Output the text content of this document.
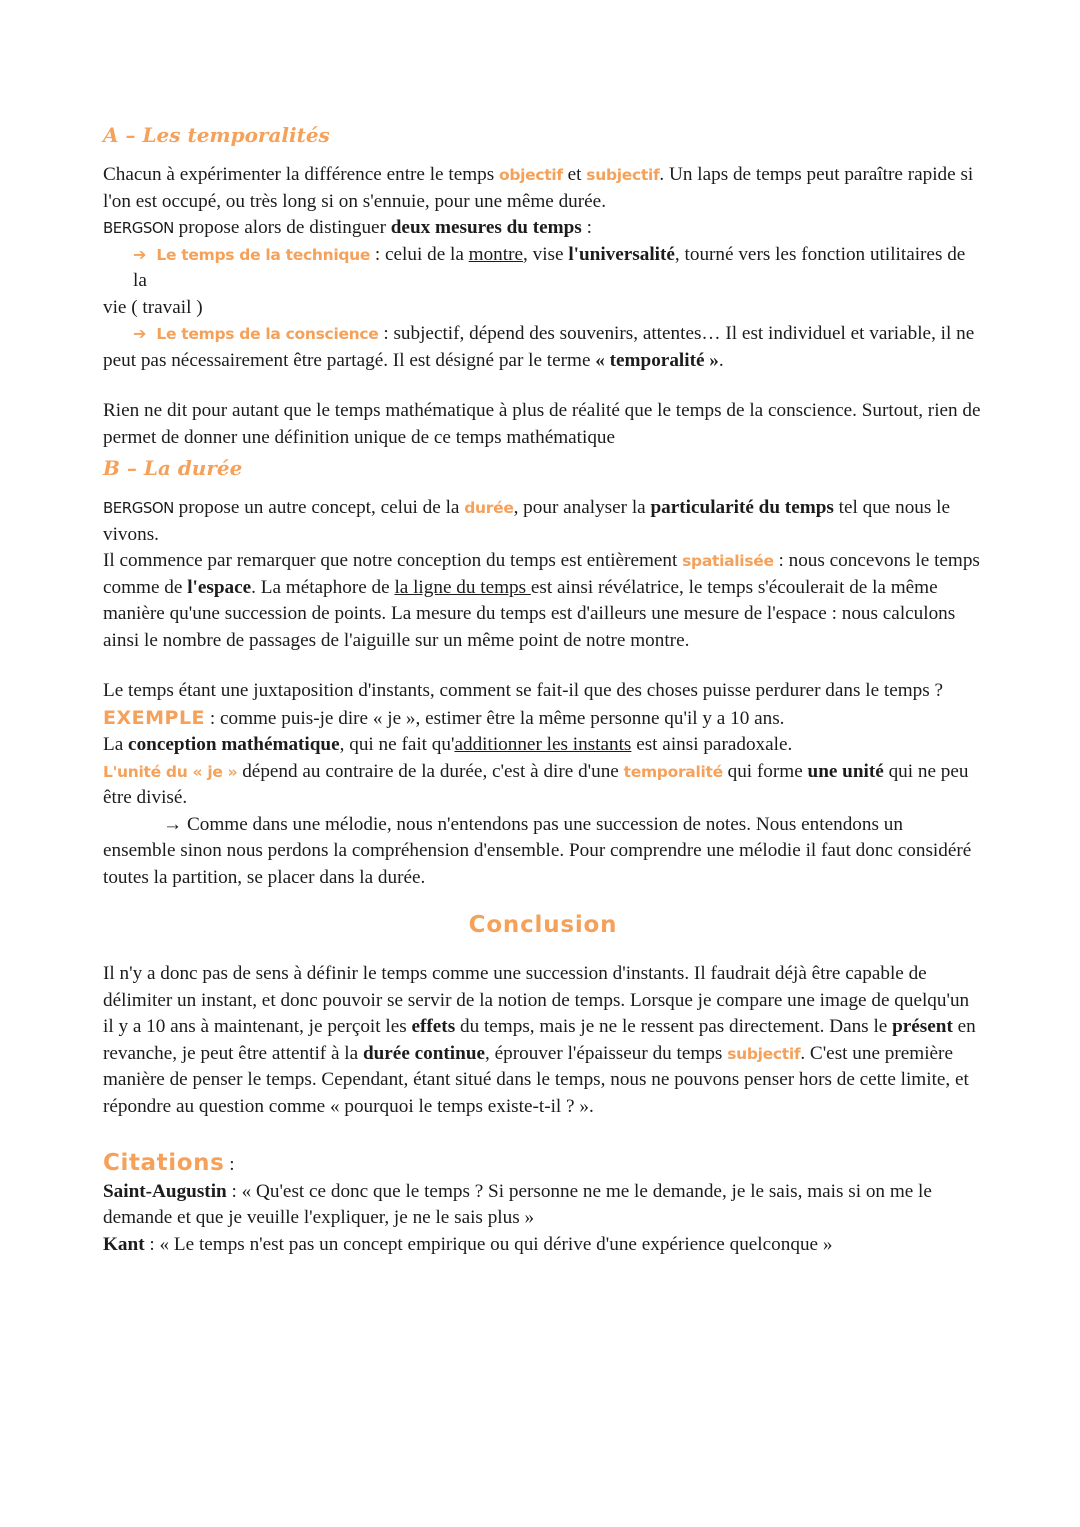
A – Les temporalités

Chacun à expérimenter la différence entre le temps objectif et subjectif. Un laps de temps peut paraître rapide si l'on est occupé, ou très long si on s'ennuie, pour une même durée.

BERGSON propose alors de distinguer deux mesures du temps :

➔ Le temps de la technique : celui de la montre, vise l'universalité, tourné vers les fonction utilitaires de la

vie ( travail )

➔ Le temps de la conscience : subjectif, dépend des souvenirs, attentes… Il est individuel et variable, il ne

peut pas nécessairement être partagé. Il est désigné par le terme « temporalité ».

Rien ne dit pour autant que le temps mathématique à plus de réalité que le temps de la conscience. Surtout, rien de permet de donner une définition unique de ce temps mathématique

B – La durée

BERGSON propose un autre concept, celui de la durée, pour analyser la particularité du temps tel que nous le vivons.

Il commence par remarquer que notre conception du temps est entièrement spatialisée : nous concevons le temps comme de l'espace. La métaphore de la ligne du temps est ainsi révélatrice, le temps s'écoulerait de la même manière qu'une succession de points. La mesure du temps est d'ailleurs une mesure de l'espace : nous calculons ainsi le nombre de passages de l'aiguille sur un même point de notre montre.

Le temps étant une juxtaposition d'instants, comment se fait-il que des choses puisse perdurer dans le temps ?

EXEMPLE : comme puis-je dire « je », estimer être la même personne qu'il y a 10 ans.

La conception mathématique, qui ne fait qu'additionner les instants est ainsi paradoxale.

L'unité du « je » dépend au contraire de la durée, c'est à dire d'une temporalité qui forme une unité qui ne peu être divisé.

→ Comme dans une mélodie, nous n'entendons pas une succession de notes. Nous entendons un

ensemble sinon nous perdons la compréhension d'ensemble. Pour comprendre une mélodie il faut donc considéré toutes la partition, se placer dans la durée.

Conclusion

Il n'y a donc pas de sens à définir le temps comme une succession d'instants. Il faudrait déjà être capable de délimiter un instant, et donc pouvoir se servir de la notion de temps. Lorsque je compare une image de quelqu'un il y a 10 ans à maintenant, je perçoit les effets du temps, mais je ne le ressent pas directement. Dans le présent en revanche, je peut être attentif à la durée continue, éprouver l'épaisseur du temps subjectif. C'est une première manière de penser le temps. Cependant, étant situé dans le temps, nous ne pouvons penser hors de cette limite, et répondre au question comme « pourquoi le temps existe-t-il ? ».

Citations :

Saint-Augustin : « Qu'est ce donc que le temps ? Si personne ne me le demande, je le sais, mais si on me le demande et que je veuille l'expliquer, je ne le sais plus »

Kant : « Le temps n'est pas un concept empirique ou qui dérive d'une expérience quelconque »
